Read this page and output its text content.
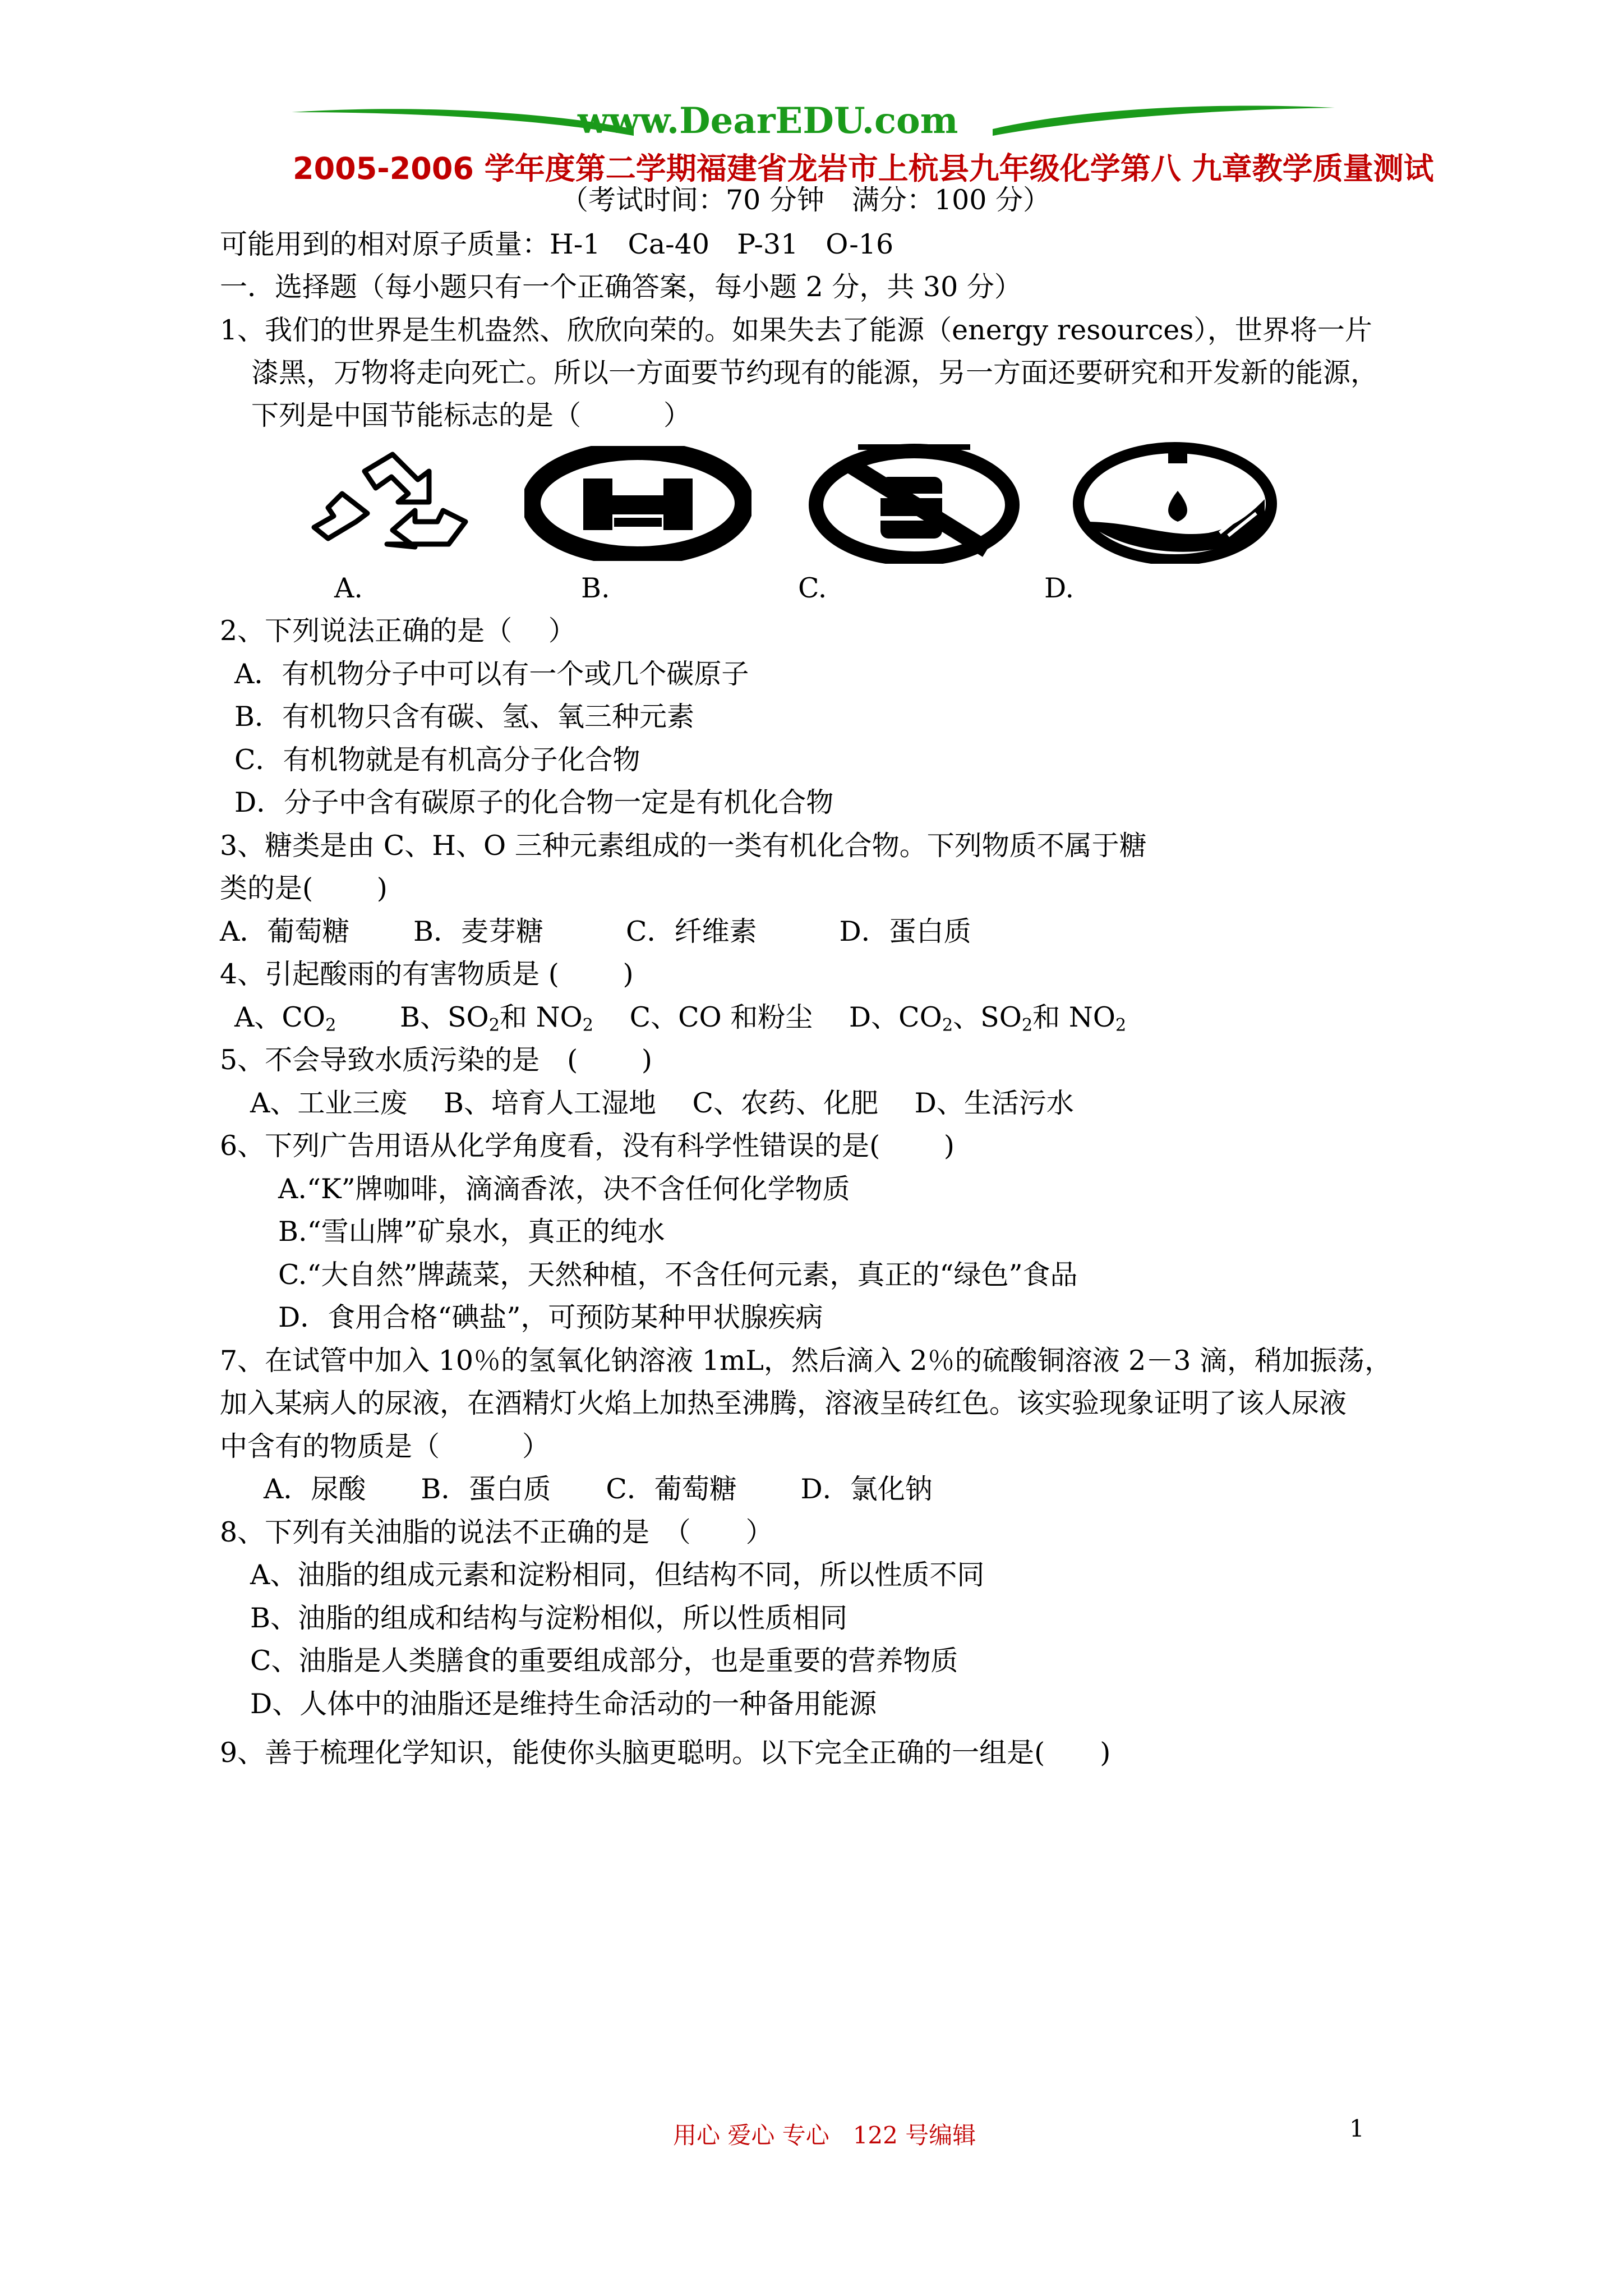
www.DearEDU.com
2005-2006 学年度第二学期福建省龙岩市上杭县九年级化学第八 九章教学质量测试
（考试时间：70 分钟　满分：100 分）
可能用到的相对原子质量：H-1　Ca-40　P-31　O-16
一．选择题（每小题只有一个正确答案，每小题 2 分，共 30 分）
1、我们的世界是生机盎然、欣欣向荣的。如果失去了能源（energy resources），世界将一片
漆黑，万物将走向死亡。所以一方面要节约现有的能源，另一方面还要研究和开发新的能源，
下列是中国节能标志的是（　　　）
A.	B.	C.	D.
2、下列说法正确的是（　 ）
A．有机物分子中可以有一个或几个碳原子
B．有机物只含有碳、氢、氧三种元素
C．有机物就是有机高分子化合物
D．分子中含有碳原子的化合物一定是有机化合物
3、糖类是由 C、H、O 三种元素组成的一类有机化合物。下列物质不属于糖
类的是(　　 )
A．葡萄糖　　 B．麦芽糖　　　C．纤维素　　　D．蛋白质
4、引起酸雨的有害物质是 (　　 )
A、$CO_2$　　 B、$SO_2$和 $NO_2$　 C、CO 和粉尘　 D、$CO_2$、$SO_2$和 $NO_2$
5、不会导致水质污染的是　(　　 )
A、工业三废　 B、培育人工湿地　 C、农药、化肥　 D、生活污水
6、下列广告用语从化学角度看，没有科学性错误的是(　　 )
A.“K”牌咖啡，滴滴香浓，决不含任何化学物质
B.“雪山牌”矿泉水，真正的纯水
C.“大自然”牌蔬菜，天然种植，不含任何元素，真正的“绿色”食品
D．食用合格“碘盐”，可预防某种甲状腺疾病
7、在试管中加入 10％的氢氧化钠溶液 1mL，然后滴入 2％的硫酸铜溶液 2－3 滴，稍加振荡，
加入某病人的尿液，在酒精灯火焰上加热至沸腾，溶液呈砖红色。该实验现象证明了该人尿液
中含有的物质是（　　　）
A．尿酸　　B．蛋白质　　C．葡萄糖　　 D．氯化钠
8、下列有关油脂的说法不正确的是　（　　）
A、油脂的组成元素和淀粉相同，但结构不同，所以性质不同
B、油脂的组成和结构与淀粉相似，所以性质相同
C、油脂是人类膳食的重要组成部分，也是重要的营养物质
D、人体中的油脂还是维持生命活动的一种备用能源
9、善于梳理化学知识，能使你头脑更聪明。以下完全正确的一组是(　　)
用心 爱心 专心　122 号编辑	1
